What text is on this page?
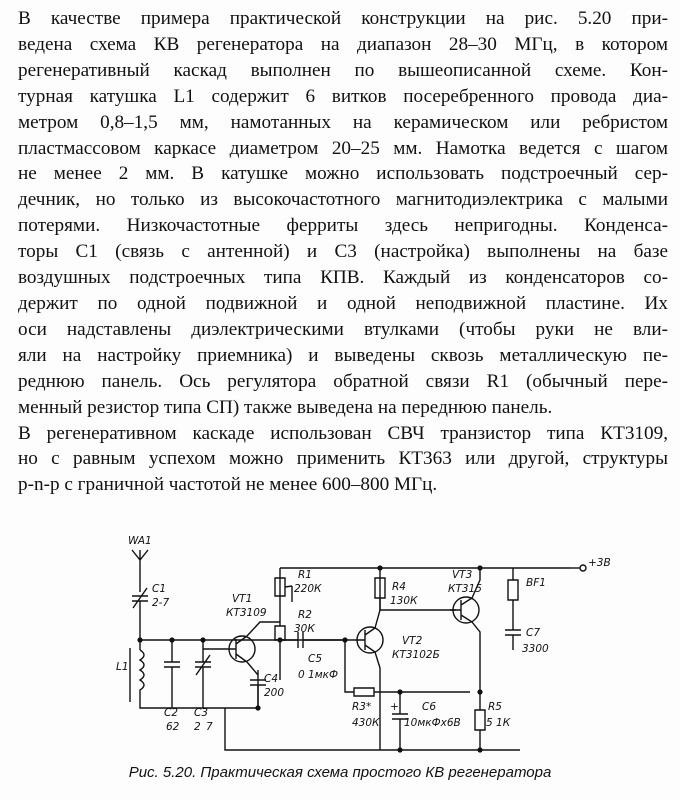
В качестве примера практической конструкции на рис. 5.20 при-
ведена схема КВ регенератора на диапазон 28–30 МГц, в котором
регенеративный каскад выполнен по вышеописанной схеме. Кон-
турная катушка L1 содержит 6 витков посеребренного провода диа-
метром 0,8–1,5 мм, намотанных на керамическом или ребристом
пластмассовом каркасе диаметром 20–25 мм. Намотка ведется с шагом
не менее 2 мм. В катушке можно использовать подстроечный сер-
дечник, но только из высокочастотного магнитодиэлектрика с малыми
потерями. Низкочастотные ферриты здесь непригодны. Конденса-
торы С1 (связь с антенной) и С3 (настройка) выполнены на базе
воздушных подстроечных типа КПВ. Каждый из конденсаторов со-
держит по одной подвижной и одной неподвижной пластине. Их
оси надставлены диэлектрическими втулками (чтобы руки не вли-
яли на настройку приемника) и выведены сквозь металлическую пе-
реднюю панель. Ось регулятора обратной связи R1 (обычный пере-
менный резистор типа СП) также выведена на переднюю панель.
В регенеративном каскаде использован СВЧ транзистор типа КТ3109,
но с равным успехом можно применить КТ363 или другой, структуры
p-n-p с граничной частотой не менее 600–800 МГц.
WA1
C1
2-7	VT1
КТ3109
R1
220К
R2
30К
C5
0 1мкФ
R4
130К
VT2
КТ3102Б
VT3
КТ315	BF1
+3В
C7
3300
L1
C4
200
C2
62
C3
2 7
R3*
430К
+ C6
10мкФх6В
R5
5 1К

Рис. 5.20. Практическая схема простого КВ регенератора
